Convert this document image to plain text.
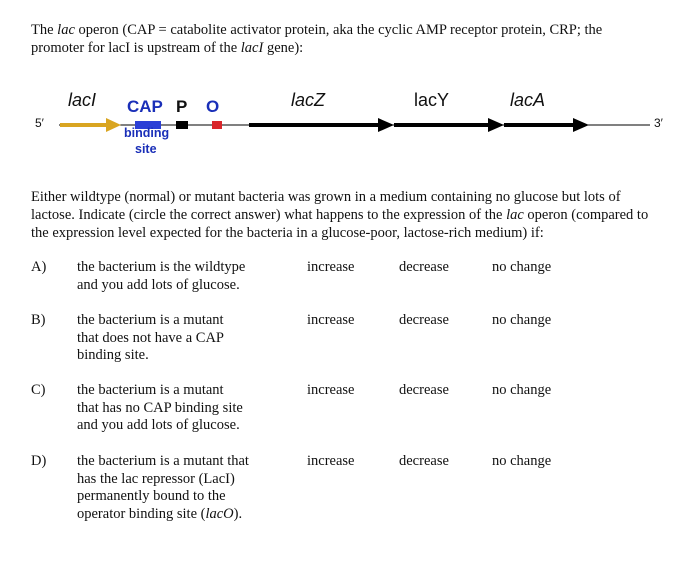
The lac operon (CAP = catabolite activator protein, aka the cyclic AMP receptor protein, CRP; the
promoter for lacI is upstream of the lacI gene):
5′	3′
lacI CAP P O
binding
site
lacZ	lacY	lacA
Either wildtype (normal) or mutant bacteria was grown in a medium containing no glucose but lots of
lactose. Indicate (circle the correct answer) what happens to the expression of the lac operon (compared to
the expression level expected for the bacteria in a glucose-poor, lactose-rich medium) if:
A) the bacterium is the wildtype
and you add lots of glucose.
increase	decrease	no change
B) the bacterium is a mutant
that does not have a CAP
binding site.
increase	decrease	no change
C) the bacterium is a mutant
that has no CAP binding site
and you add lots of glucose.
increase	decrease	no change
D) the bacterium is a mutant that
has the lac repressor (LacI)
permanently bound to the
operator binding site (lacO).
increase	decrease	no change
